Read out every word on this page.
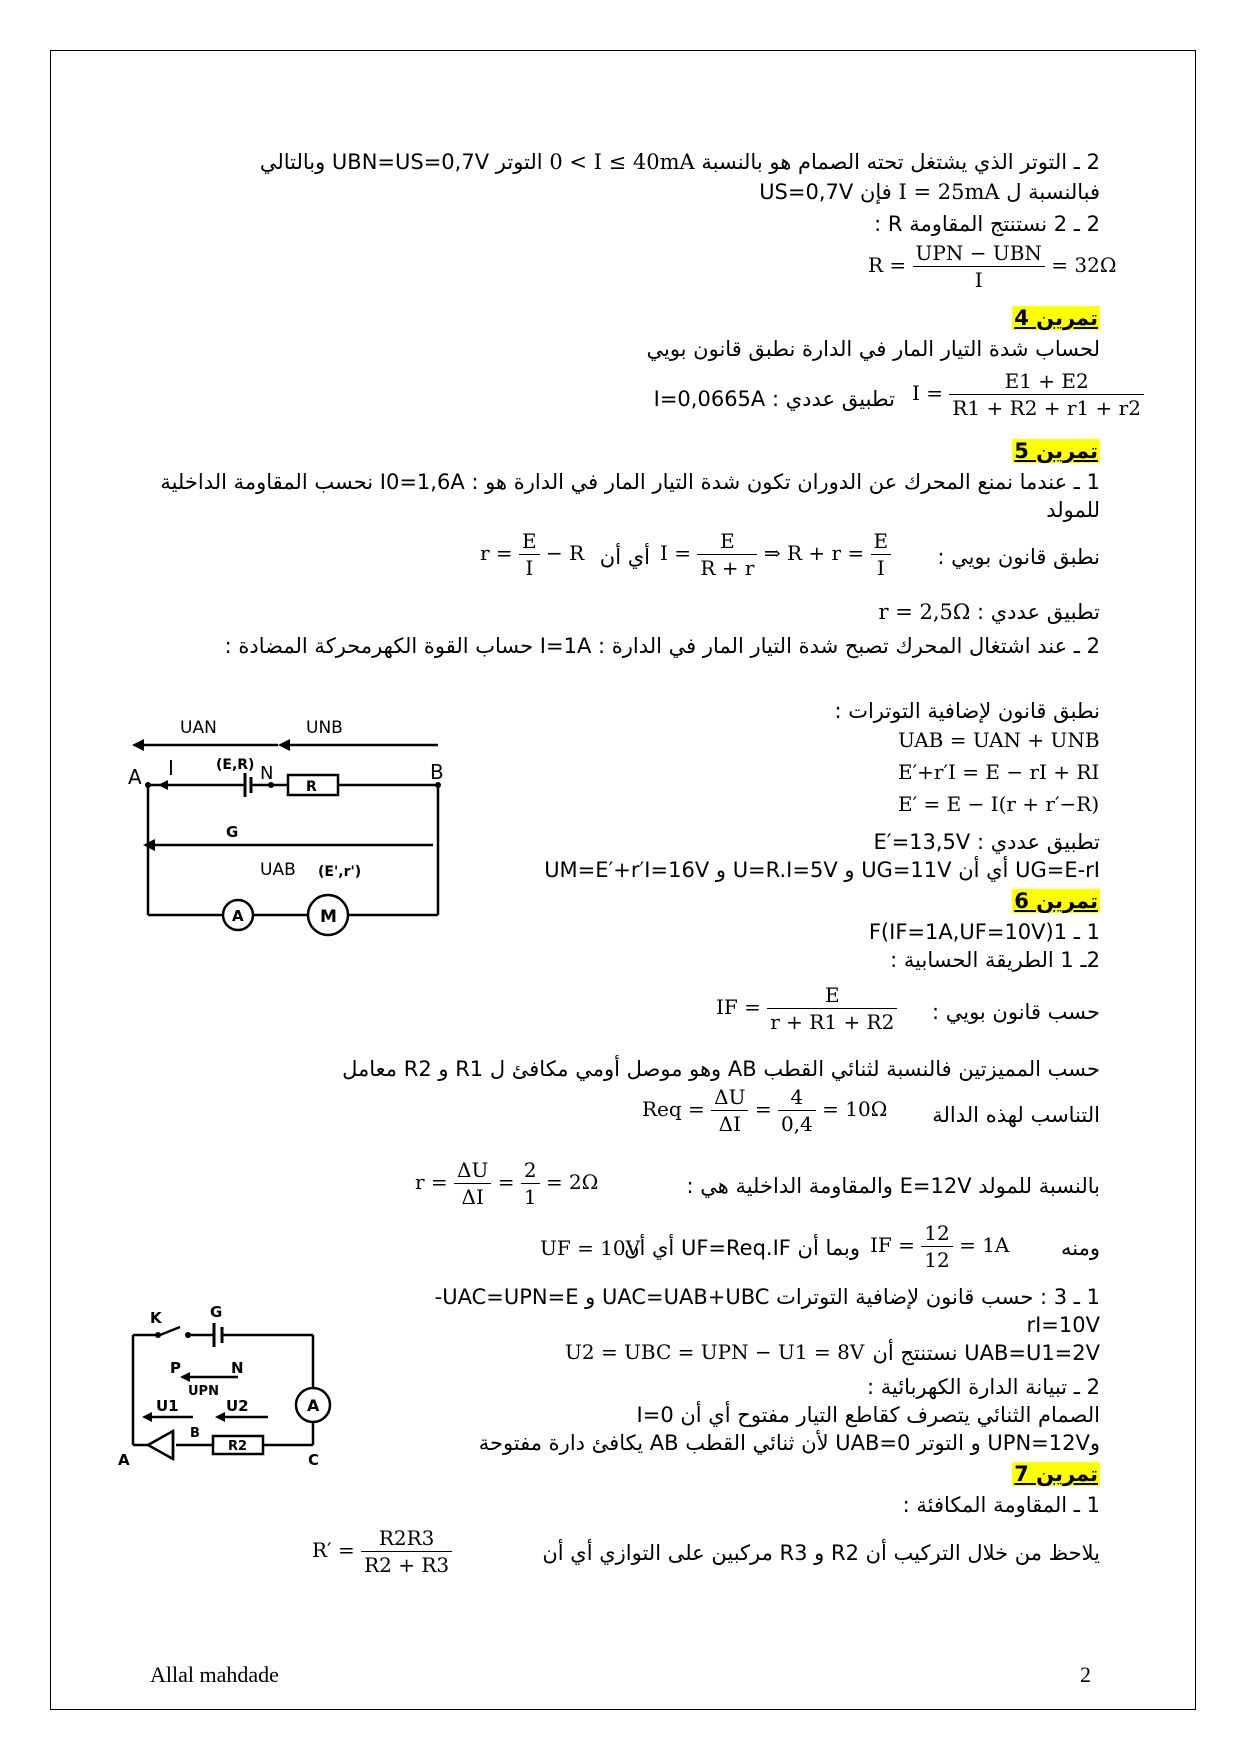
2 ـ التوتر الذي يشتغل تحته الصمام هو بالنسبة 0 < I ≤ 40mA التوتر UBN=US=0,7V وبالتالي
فبالنسبة ل I = 25mA فإن US=0,7V
2 ـ 2 نستنتج المقاومة R :
$R = \frac{\text{UPN − UBN}}{I} = 32\Omega$
تمرين 4
لحساب شدة التيار المار في الدارة نطبق قانون بويي
$I = \frac{E1 + E2}{R1 + R2 + r1 + r2}$
تطبيق عددي : I=0,0665A
تمرين 5
1 ـ عندما نمنع المحرك عن الدوران تكون شدة التيار المار في الدارة هو : I0=1,6A نحسب المقاومة الداخلية للمولد
نطبق قانون بويي :
$I = \frac{E}{R + r}$ ⇒ $R + r = \frac{E}{I}$
أي أن
$r = \frac{E}{I} - R$
تطبيق عددي : r = 2,5Ω
2 ـ عند اشتغال المحرك تصبح شدة التيار المار في الدارة : I=1A حساب القوة الكهرمحركة المضادة :
نطبق قانون لإضافية التوترات :
UAB = UAN + UNB
E′+r′I = E − rI + RI
E′ = E − I(r + r′−R)
تطبيق عددي : E′=13,5V
UG=E-rI أي أن UG=11V و U=R.I=5V و UM=E′+r′I=16V
UAN	UNB
A I	(E,R) N
R
B
G
UAB (E',r')
A	M
تمرين 6
1 ـ 1(IF=1A,UF=10V)F
2ـ 1 الطريقة الحسابية :
حسب قانون بويي :
IF = $\frac{E}{r + R1 + R2}$
حسب المميزتين فالنسبة لثنائي القطب AB وهو موصل أومي مكافئ ل R1 و R2 معامل
التناسب لهذه الدالة
Req = $\frac{\Delta U}{\Delta I} = \frac{4}{0,4} = 10\Omega$
بالنسبة للمولد E=12V والمقاومة الداخلية هي :
$r = \frac{\Delta U}{\Delta I} = \frac{2}{1} = 2\Omega$
ومنه
IF = $\frac{12}{12} = 1A$
وبما أن UF=Req.IF أي أن
UF = 10V
1 ـ 3 : حسب قانون لإضافية التوترات UAC=UAB+UBC و UAC=UPN=E-
rI=10V
UAB=U1=2V نستنتج أن
U2 = UBC = UPN − U1 = 8V
2 ـ تبيانة الدارة الكهربائية :
الصمام الثنائي يتصرف كقاطع التيار مفتوح أي أن I=0
وUPN=12V و التوتر UAB=0 لأن ثنائي القطب AB يكافئ دارة مفتوحة
K	G
P	N
UPN
U1	U2	A
B
A
R2
C
تمرين 7
1 ـ المقاومة المكافئة :
يلاحظ من خلال التركيب أن R2 و R3 مركبين على التوازي أي أن
$R' = \frac{R2R3}{R2 + R3}$
Allal mahdade	2
